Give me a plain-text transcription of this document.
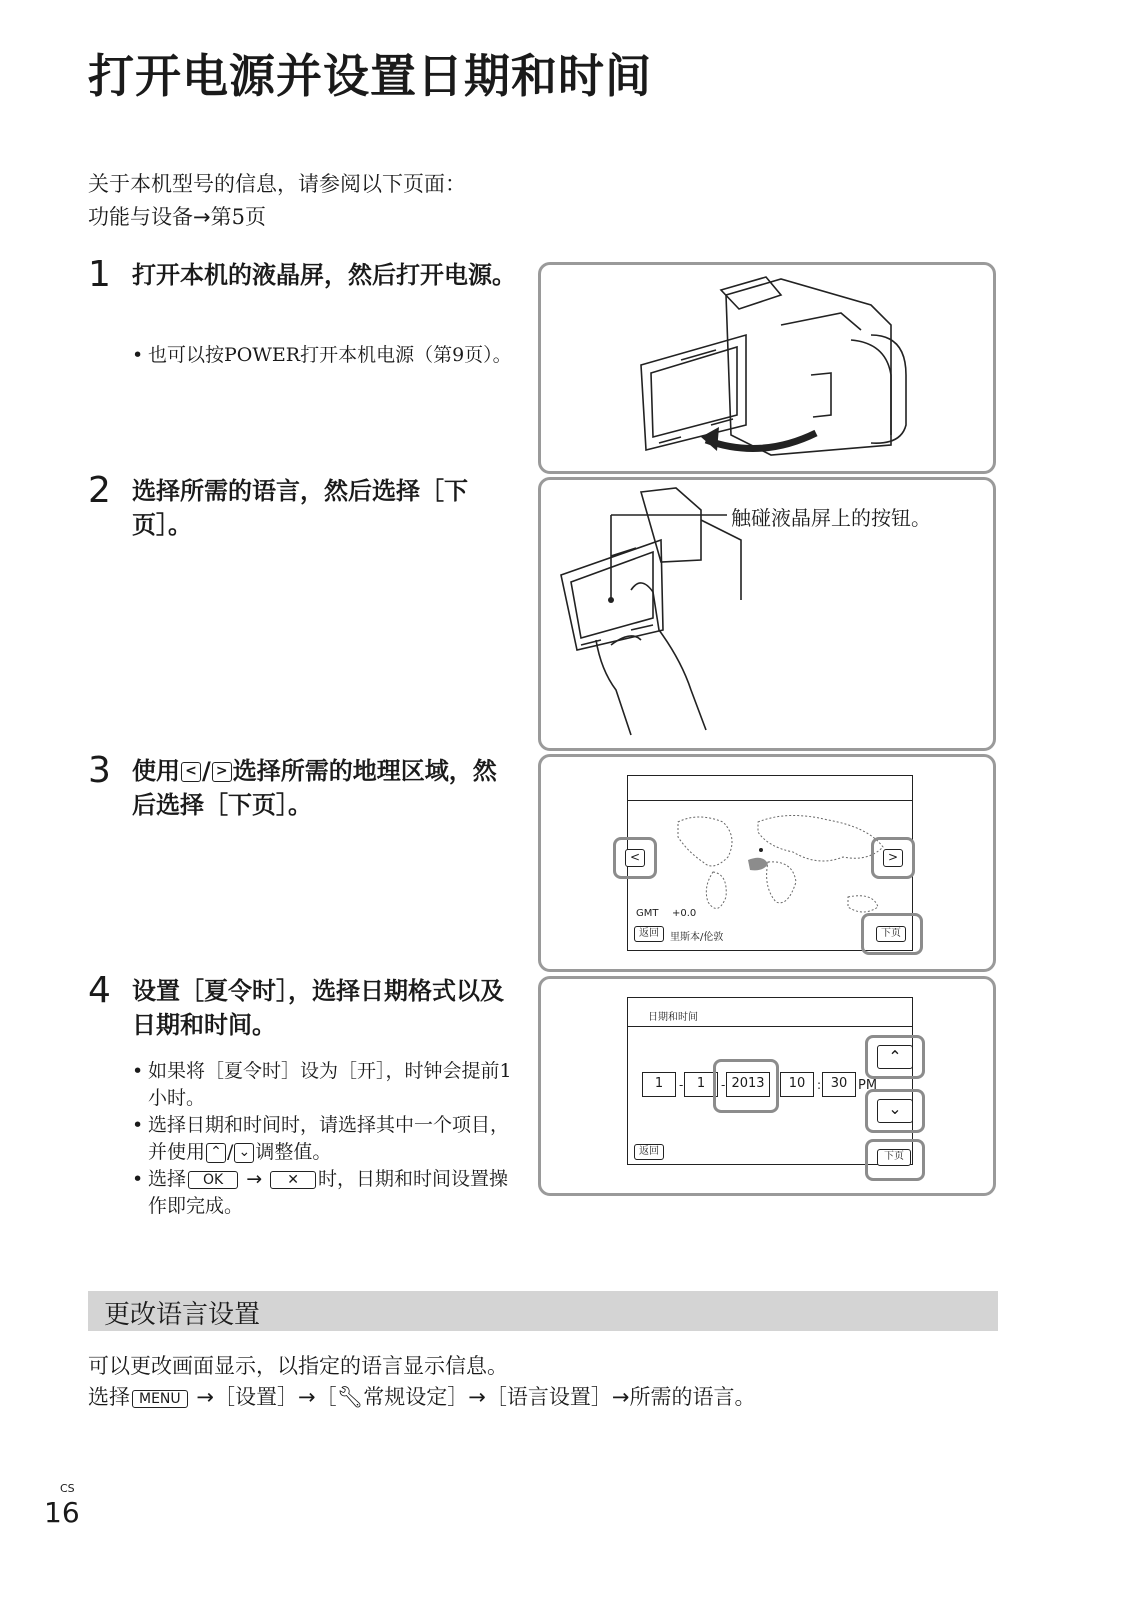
打开电源并设置日期和时间
关于本机型号的信息，请参阅以下页面：
功能与设备→第5页
1 打开本机的液晶屏，然后打开电源。
• 也可以按POWER打开本机电源（第9页）。
2 选择所需的语言，然后选择［下页］。
3 使用 < / > 选择所需的地理区域，然后选择［下页］。
4 设置［夏令时］，选择日期格式以及日期和时间。
• 如果将［夏令时］设为［开］，时钟会提前1小时。
• 选择日期和时间时，请选择其中一个项目，并使用 ⌃ / ⌄ 调整值。
• 选择 OK → ✕ 时，日期和时间设置操作即完成。
触碰液晶屏上的按钮。
GMT +0.0
返回	里斯本/伦敦	下页
<	>
日期和时间
1	-	1	- 2013	10 : 30 PM
返回
⌃
⌄
下页
更改语言设置
可以更改画面显示，以指定的语言显示信息。
选择 MENU →［设置］→［🔧︎常规设定］→［语言设置］→所需的语言。
CS
16
